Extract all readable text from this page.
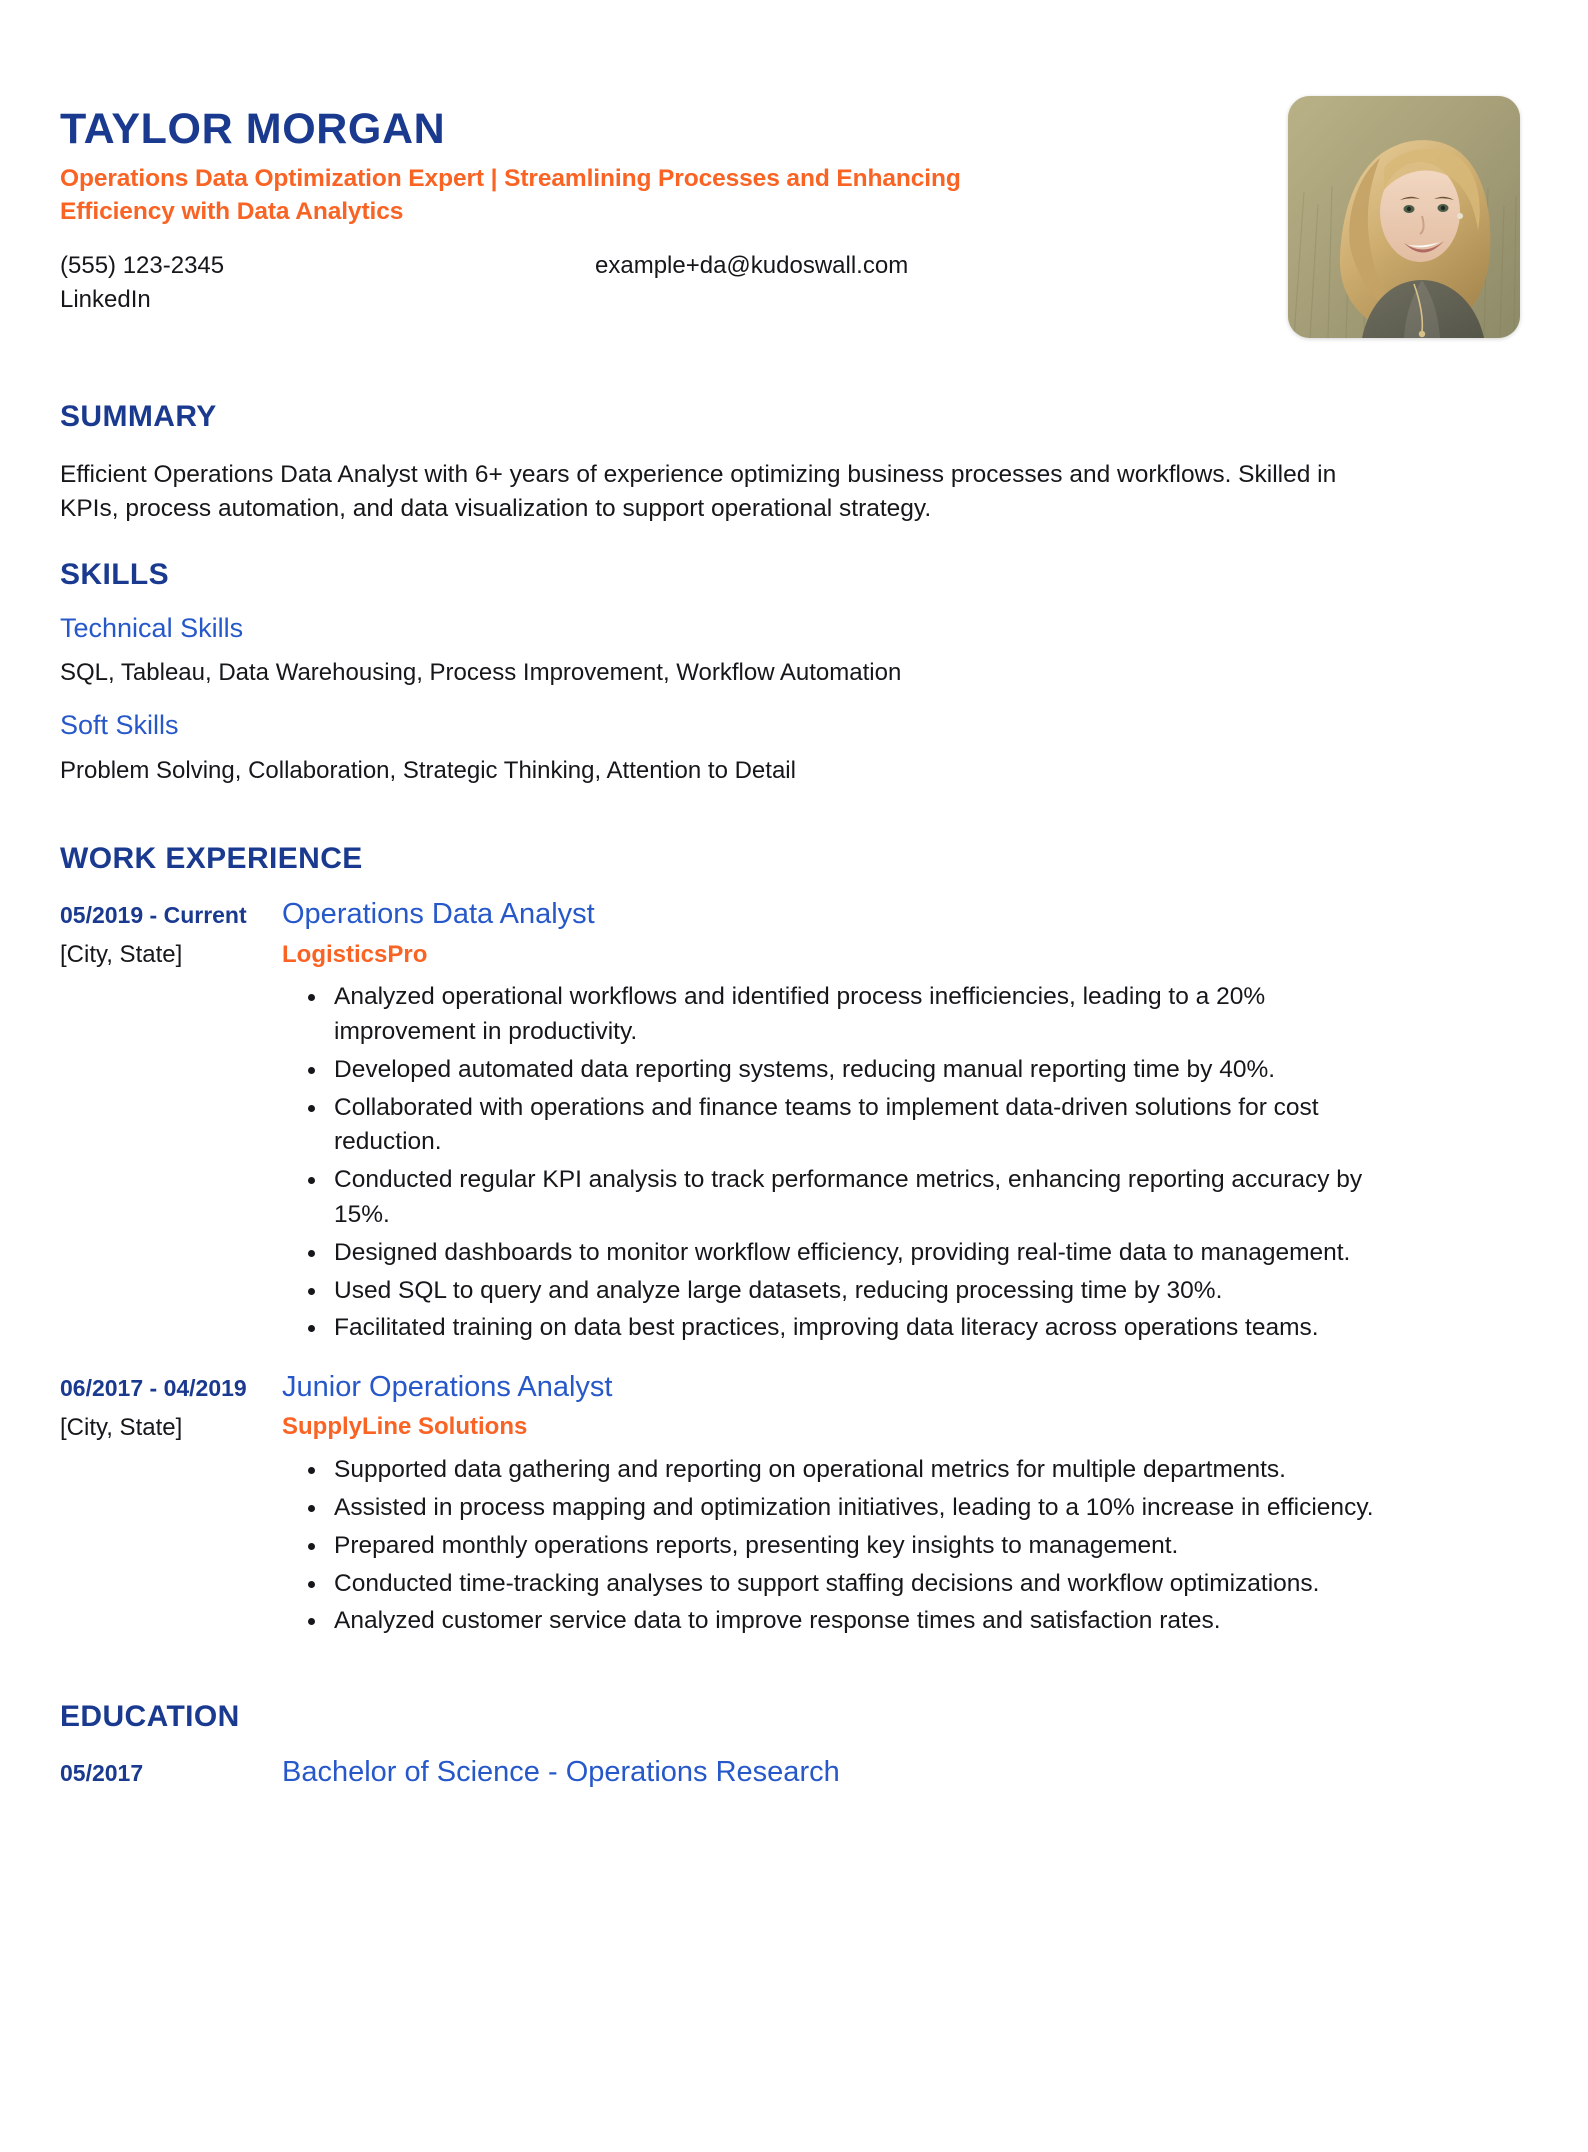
TAYLOR MORGAN
Operations Data Optimization Expert | Streamlining Processes and Enhancing Efficiency with Data Analytics
(555) 123-2345	example+da@kudoswall.com
LinkedIn
SUMMARY
Efficient Operations Data Analyst with 6+ years of experience optimizing business processes and workflows. Skilled in KPIs, process automation, and data visualization to support operational strategy.
SKILLS
Technical Skills
SQL, Tableau, Data Warehousing, Process Improvement, Workflow Automation
Soft Skills
Problem Solving, Collaboration, Strategic Thinking, Attention to Detail
WORK EXPERIENCE
05/2019 - Current
[City, State]
Operations Data Analyst
LogisticsPro
Analyzed operational workflows and identified process inefficiencies, leading to a 20% improvement in productivity.
Developed automated data reporting systems, reducing manual reporting time by 40%.
Collaborated with operations and finance teams to implement data-driven solutions for cost reduction.
Conducted regular KPI analysis to track performance metrics, enhancing reporting accuracy by 15%.
Designed dashboards to monitor workflow efficiency, providing real-time data to management.
Used SQL to query and analyze large datasets, reducing processing time by 30%.
Facilitated training on data best practices, improving data literacy across operations teams.
06/2017 - 04/2019
[City, State]
Junior Operations Analyst
SupplyLine Solutions
Supported data gathering and reporting on operational metrics for multiple departments.
Assisted in process mapping and optimization initiatives, leading to a 10% increase in efficiency.
Prepared monthly operations reports, presenting key insights to management.
Conducted time-tracking analyses to support staffing decisions and workflow optimizations.
Analyzed customer service data to improve response times and satisfaction rates.
EDUCATION
05/2017	Bachelor of Science - Operations Research
